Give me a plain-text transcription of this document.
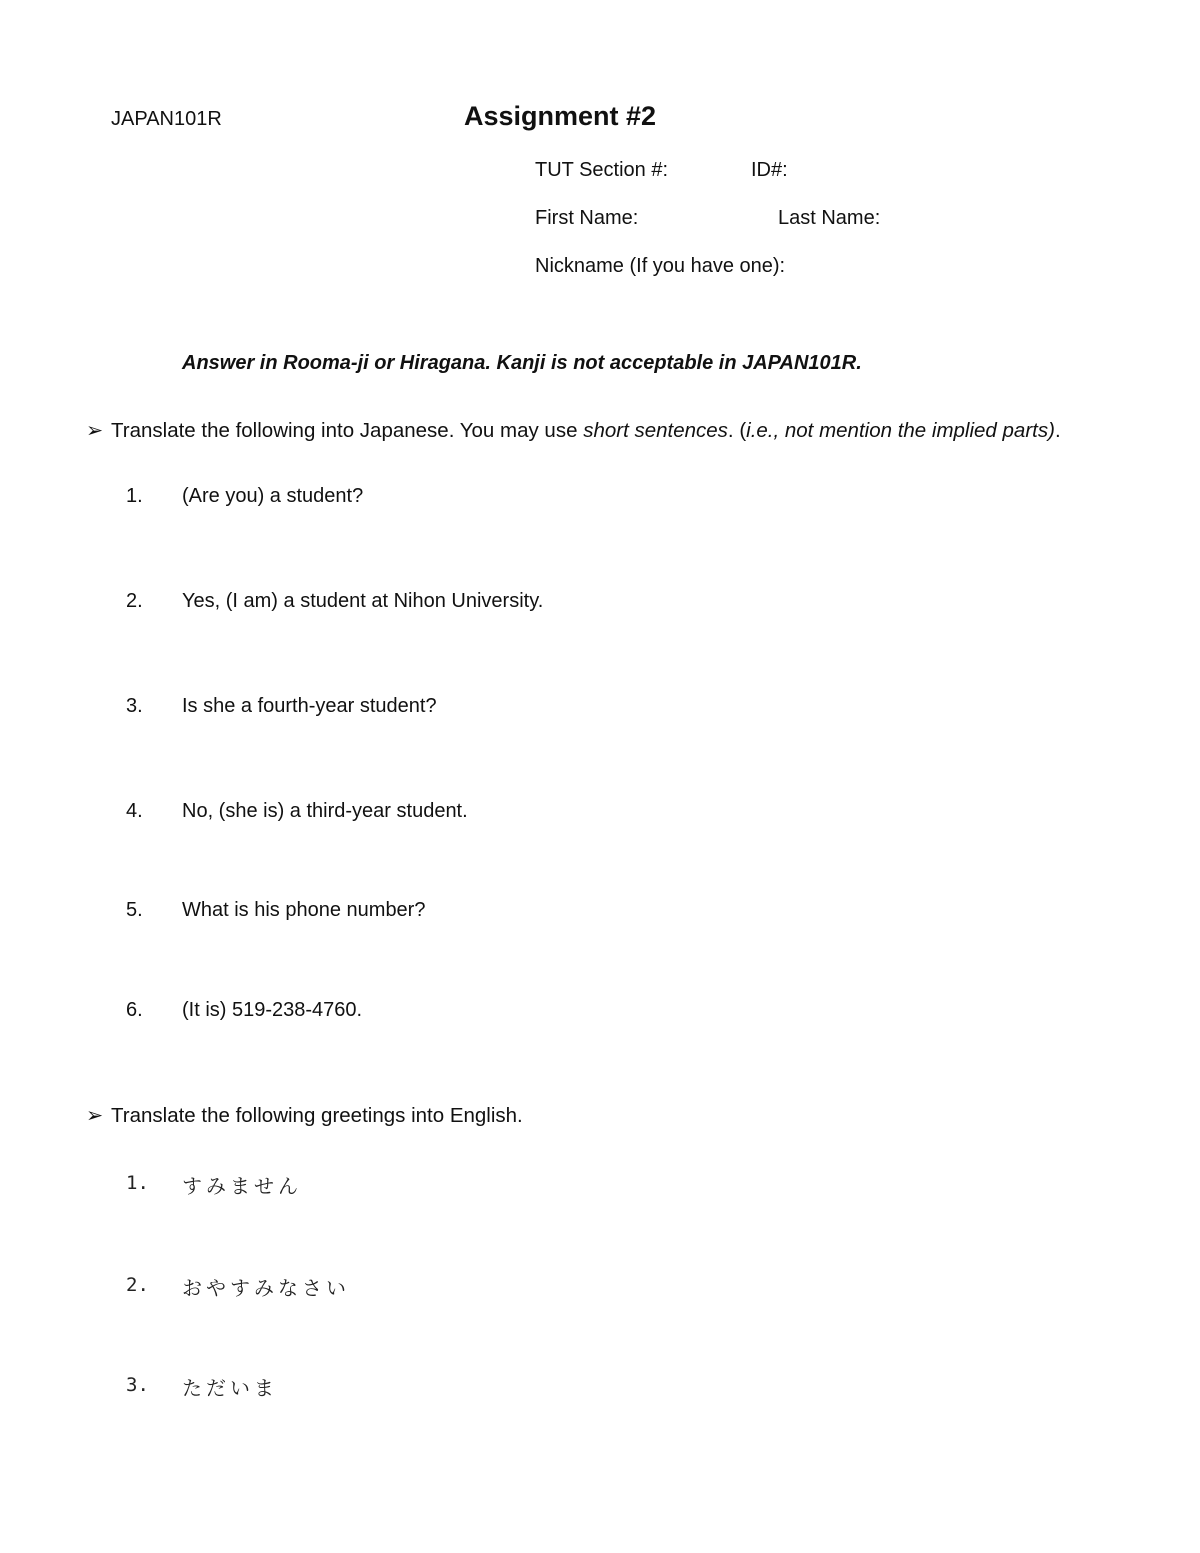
JAPAN101R	Assignment #2
TUT Section #:	ID#:
First Name:	Last Name:
Nickname (If you have one):
Answer in Rooma-ji or Hiragana. Kanji is not acceptable in JAPAN101R.
➢ Translate the following into Japanese. You may use short sentences. (i.e., not mention the implied parts).
1. (Are you) a student?
2. Yes, (I am) a student at Nihon University.
3. Is she a fourth-year student?
4. No, (she is) a third-year student.
5. What is his phone number?
6. (It is) 519-238-4760.
➢ Translate the following greetings into English.
1. すみません
2. おやすみなさい
3. ただいま
